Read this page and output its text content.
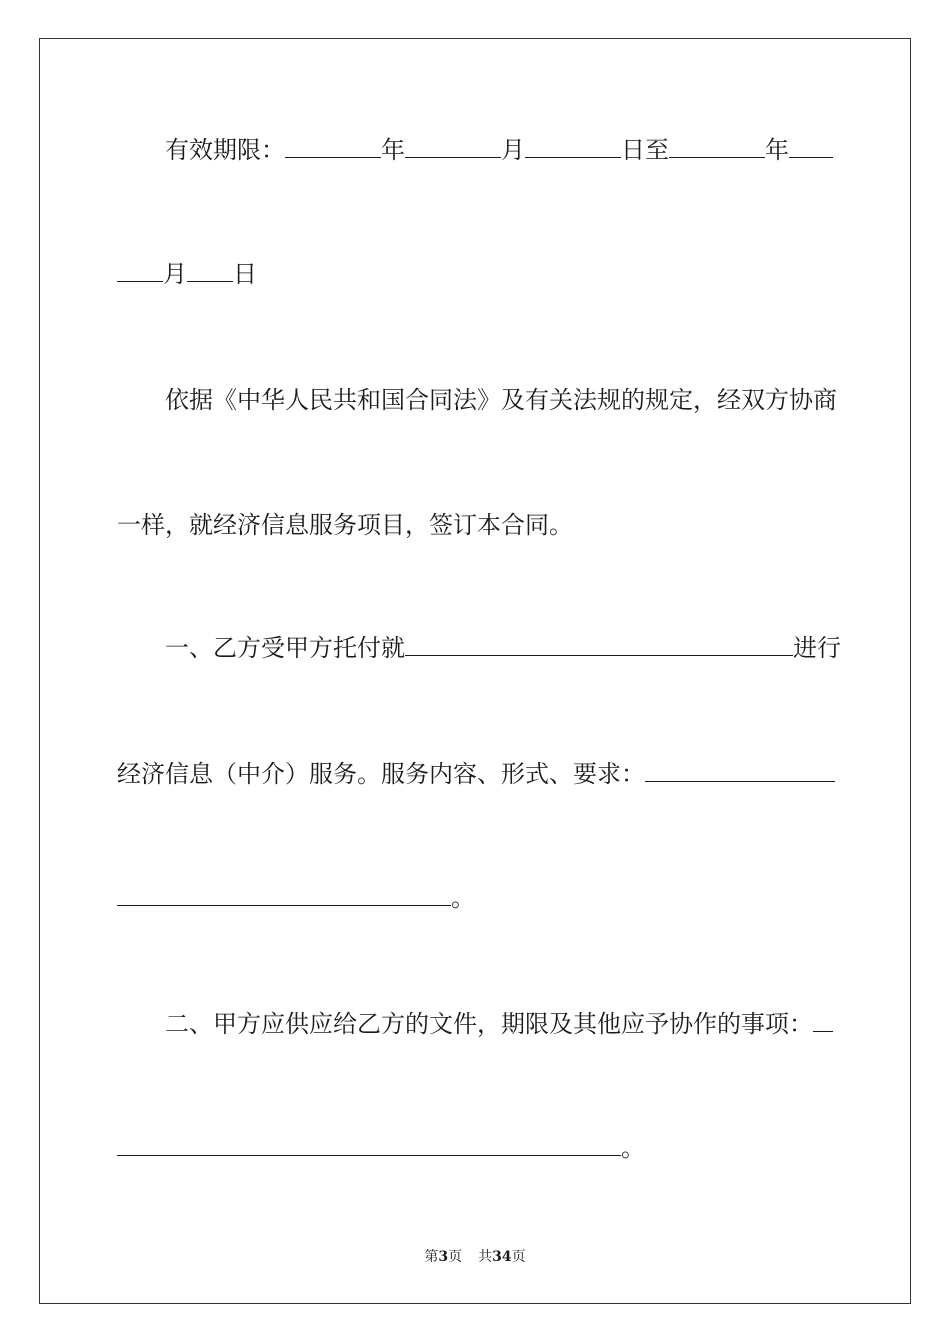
有效期限：	年	月	日至	年
月 日
依据《中华人民共和国合同法》及有关法规的规定，经双方协商
一样，就经济信息服务项目，签订本合同。
一、乙方受甲方托付就	进行
经济信息（中介）服务。服务内容、形式、要求：
。
二、甲方应供应给乙方的文件，期限及其他应予协作的事项：
。
第3页 共34页
